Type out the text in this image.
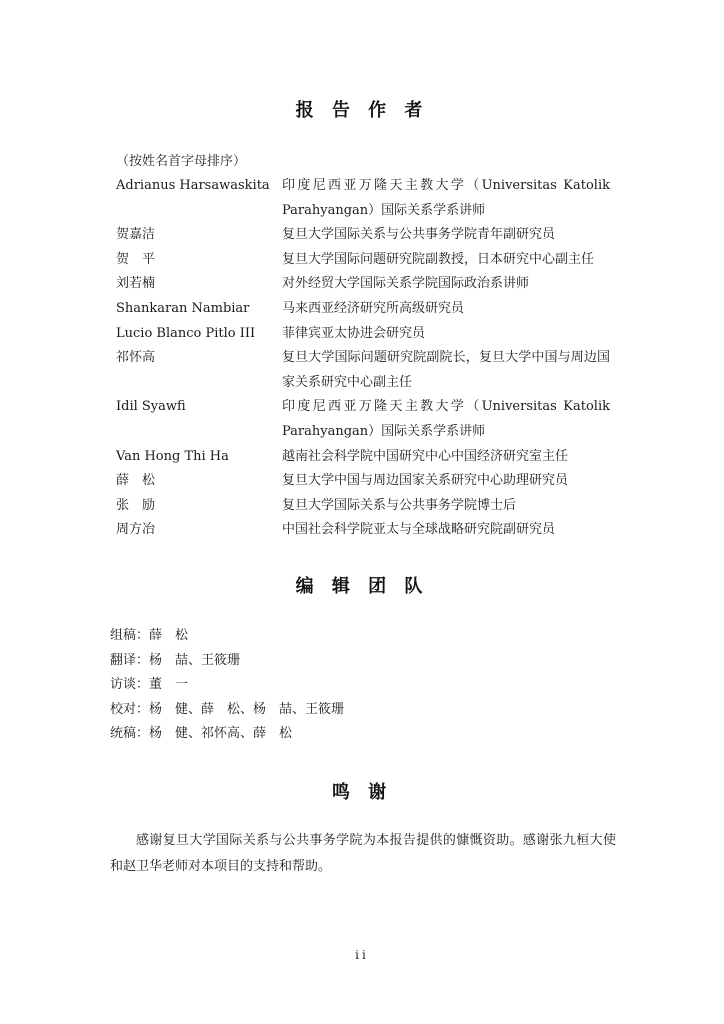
报 告 作 者
（按姓名首字母排序）
Adrianus Harsawaskita 印度尼西亚万隆天主教大学（Universitas Katolik Parahyangan）国际关系学系讲师
贺嘉洁	复旦大学国际关系与公共事务学院青年副研究员
贺　平	复旦大学国际问题研究院副教授，日本研究中心副主任
刘若楠	对外经贸大学国际关系学院国际政治系讲师
Shankaran Nambiar	马来西亚经济研究所高级研究员
Lucio Blanco Pitlo III	菲律宾亚太协进会研究员
祁怀高	复旦大学国际问题研究院副院长，复旦大学中国与周边国家关系研究中心副主任
Idil Syawfi	印度尼西亚万隆天主教大学（Universitas Katolik Parahyangan）国际关系学系讲师
Van Hong Thi Ha	越南社会科学院中国研究中心中国经济研究室主任
薛　松	复旦大学中国与周边国家关系研究中心助理研究员
张　励	复旦大学国际关系与公共事务学院博士后
周方冶	中国社会科学院亚太与全球战略研究院副研究员
编 辑 团 队
组稿：薛　松
翻译：杨　喆、王筱珊
访谈：董　一
校对：杨　健、薛　松、杨　喆、王筱珊
统稿：杨　健、祁怀高、薛　松
鸣 谢
感谢复旦大学国际关系与公共事务学院为本报告提供的慷慨资助。感谢张九桓大使和赵卫华老师对本项目的支持和帮助。
ii
